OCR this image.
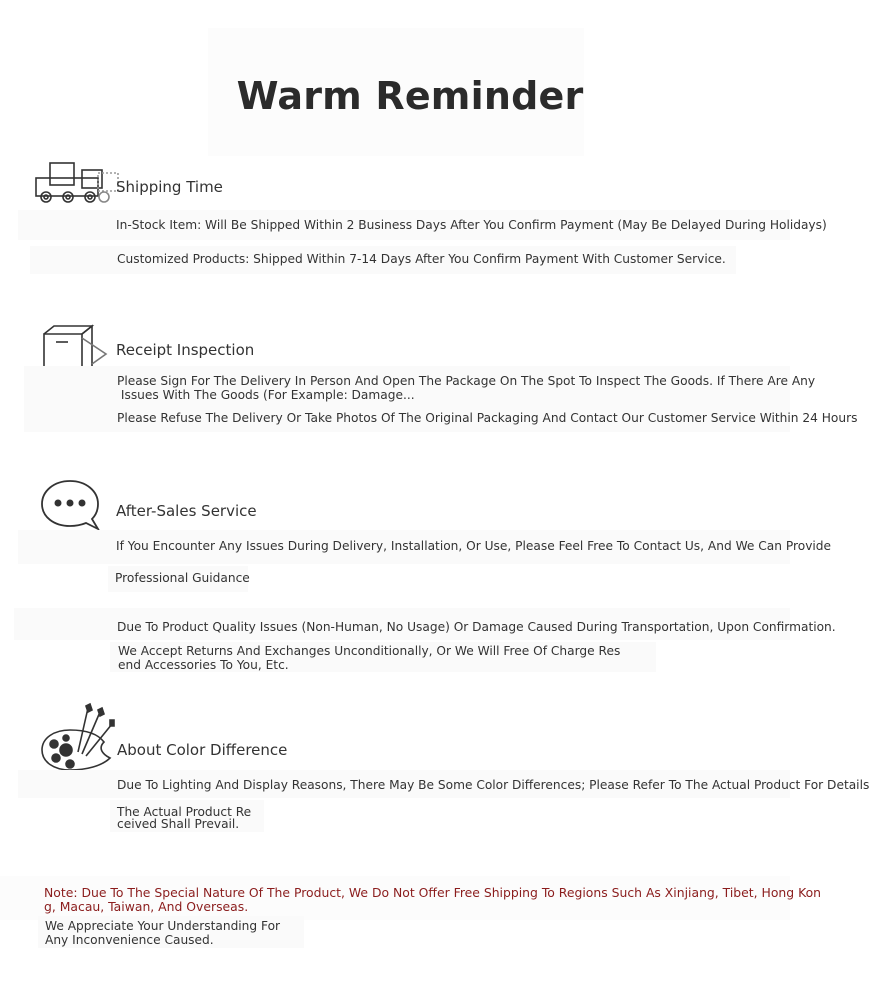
Warm Reminder
Shipping Time
In-Stock Item: Will Be Shipped Within 2 Business Days After You Confirm Payment (May Be Delayed During Holidays)
Customized Products: Shipped Within 7-14 Days After You Confirm Payment With Customer Service.
Receipt Inspection
Please Sign For The Delivery In Person And Open The Package On The Spot To Inspect The Goods. If There Are Any
Issues With The Goods (For Example: Damage...
Please Refuse The Delivery Or Take Photos Of The Original Packaging And Contact Our Customer Service Within 24 Hours
After-Sales Service
If You Encounter Any Issues During Delivery, Installation, Or Use, Please Feel Free To Contact Us, And We Can Provide
Professional Guidance
Due To Product Quality Issues (Non-Human, No Usage) Or Damage Caused During Transportation, Upon Confirmation.
We Accept Returns And Exchanges Unconditionally, Or We Will Free Of Charge Res
end Accessories To You, Etc.
About Color Difference
Due To Lighting And Display Reasons, There May Be Some Color Differences; Please Refer To The Actual Product For Details
The Actual Product Re
ceived Shall Prevail.
Note: Due To The Special Nature Of The Product, We Do Not Offer Free Shipping To Regions Such As Xinjiang, Tibet, Hong Kon
g, Macau, Taiwan, And Overseas.
We Appreciate Your Understanding For
Any Inconvenience Caused.
